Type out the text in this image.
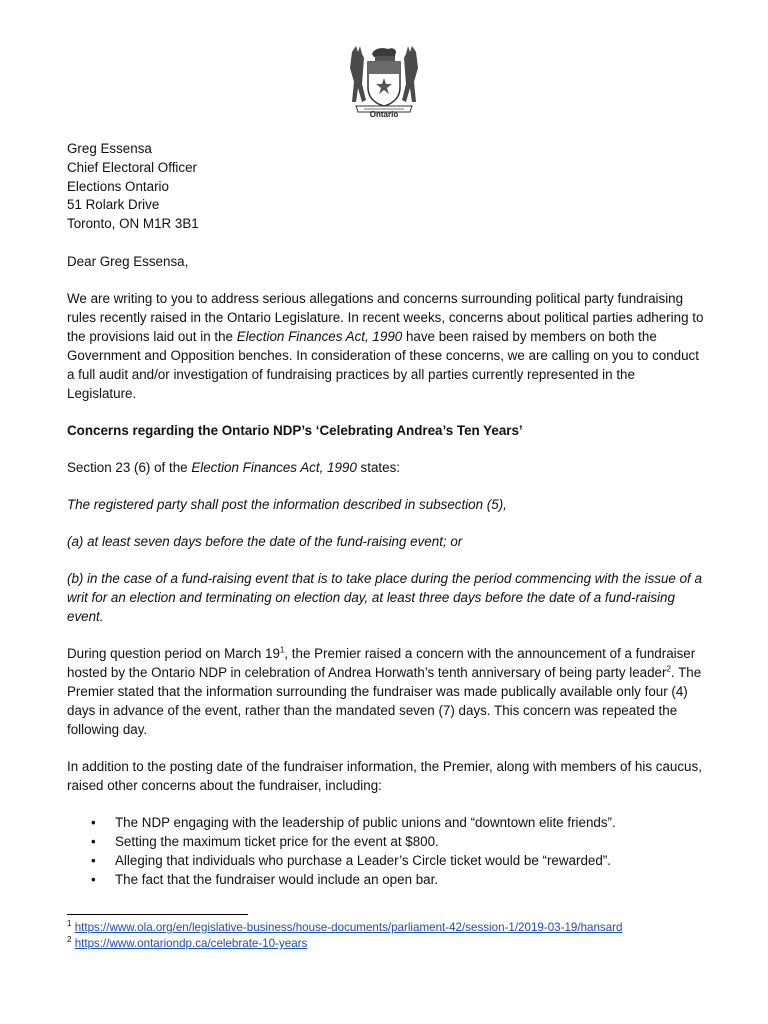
Ontario
Greg Essensa
Chief Electoral Officer
Elections Ontario
51 Rolark Drive
Toronto, ON M1R 3B1

Dear Greg Essensa,

We are writing to you to address serious allegations and concerns surrounding political party fundraising rules recently raised in the Ontario Legislature. In recent weeks, concerns about political parties adhering to the provisions laid out in the Election Finances Act, 1990 have been raised by members on both the Government and Opposition benches. In consideration of these concerns, we are calling on you to conduct a full audit and/or investigation of fundraising practices by all parties currently represented in the Legislature.

Concerns regarding the Ontario NDP’s ‘Celebrating Andrea’s Ten Years’

Section 23 (6) of the Election Finances Act, 1990 states:

The registered party shall post the information described in subsection (5),

(a) at least seven days before the date of the fund-raising event; or

(b) in the case of a fund-raising event that is to take place during the period commencing with the issue of a writ for an election and terminating on election day, at least three days before the date of a fund-raising event.

During question period on March $19^1$, the Premier raised a concern with the announcement of a fundraiser hosted by the Ontario NDP in celebration of Andrea Horwath’s tenth anniversary of being party leader$^2$. The Premier stated that the information surrounding the fundraiser was made publically available only four (4) days in advance of the event, rather than the mandated seven (7) days. This concern was repeated the following day.

In addition to the posting date of the fundraiser information, the Premier, along with members of his caucus, raised other concerns about the fundraiser, including:

• The NDP engaging with the leadership of public unions and “downtown elite friends”.
• Setting the maximum ticket price for the event at $800.
• Alleging that individuals who purchase a Leader’s Circle ticket would be “rewarded”.
• The fact that the fundraiser would include an open bar.
$^1$ https://www.ola.org/en/legislative-business/house-documents/parliament-42/session-1/2019-03-19/hansard
$^2$ https://www.ontariondp.ca/celebrate-10-years
